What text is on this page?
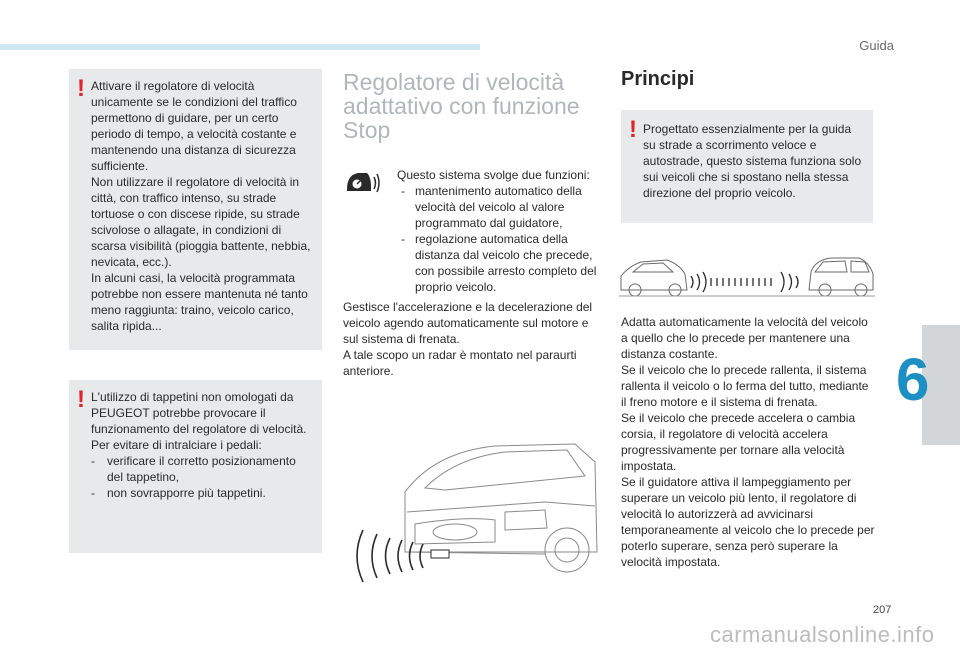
Guida
6
! Attivare il regolatore di velocità unicamente se le condizioni del traffico permettono di guidare, per un certo periodo di tempo, a velocità costante e mantenendo una distanza di sicurezza sufficiente.

Non utilizzare il regolatore di velocità in città, con traffico intenso, su strade tortuose o con discese ripide, su strade scivolose o allagate, in condizioni di scarsa visibilità (pioggia battente, nebbia, nevicata, ecc.).

In alcuni casi, la velocità programmata potrebbe non essere mantenuta né tanto meno raggiunta: traino, veicolo carico, salita ripida...

! L'utilizzo di tappetini non omologati da PEUGEOT potrebbe provocare il funzionamento del regolatore di velocità.

Per evitare di intralciare i pedali:

- verificare il corretto posizionamento del tappetino,

- non sovrapporre più tappetini.

Regolatore di velocità adattativo con funzione Stop

Questo sistema svolge due funzioni:

- mantenimento automatico della velocità del veicolo al valore programmato dal guidatore,

- regolazione automatica della distanza dal veicolo che precede, con possibile arresto completo del proprio veicolo.

Gestisce l'accelerazione e la decelerazione del veicolo agendo automaticamente sul motore e sul sistema di frenata.

A tale scopo un radar è montato nel paraurti anteriore.

Principi
! Progettato essenzialmente per la guida su strade a scorrimento veloce e autostrade, questo sistema funziona solo sui veicoli che si spostano nella stessa direzione del proprio veicolo.

Adatta automaticamente la velocità del veicolo a quello che lo precede per mantenere una distanza costante.

Se il veicolo che lo precede rallenta, il sistema rallenta il veicolo o lo ferma del tutto, mediante il freno motore e il sistema di frenata.

Se il veicolo che precede accelera o cambia corsia, il regolatore di velocità accelera progressivamente per tornare alla velocità impostata.

Se il guidatore attiva il lampeggiamento per superare un veicolo più lento, il regolatore di velocità lo autorizzerà ad avvicinarsi temporaneamente al veicolo che lo precede per poterlo superare, senza però superare la velocità impostata.

207
carmanualsonline.info
